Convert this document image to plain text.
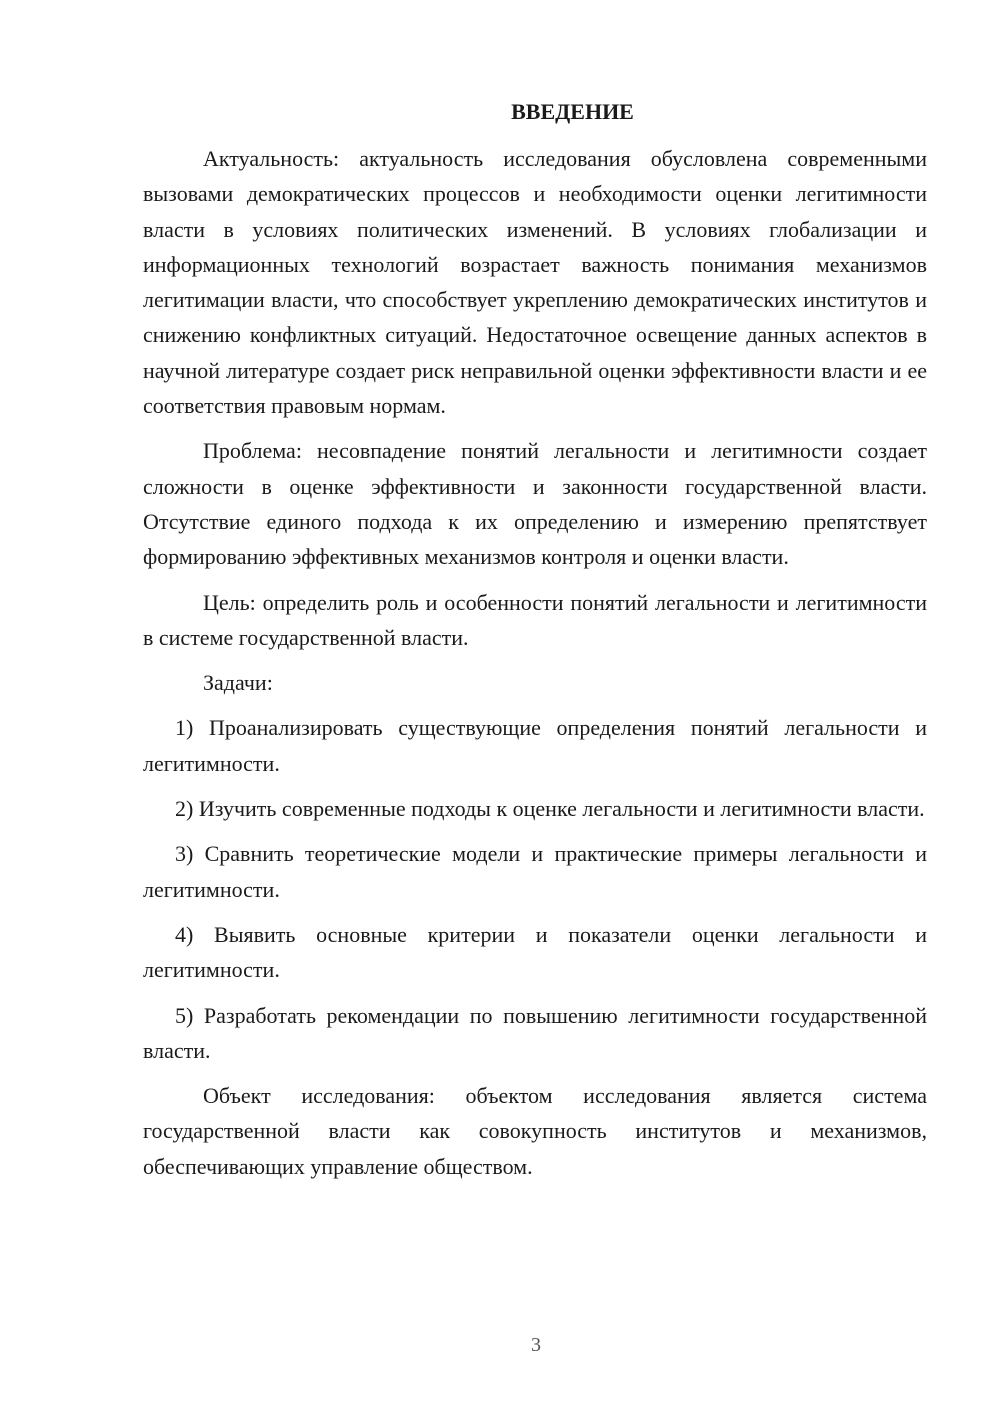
ВВЕДЕНИЕ

Актуальность: актуальность исследования обусловлена современными вызовами демократических процессов и необходимости оценки легитимности власти в условиях политических изменений. В условиях глобализации и информационных технологий возрастает важность понимания механизмов легитимации власти, что способствует укреплению демократических институтов и снижению конфликтных ситуаций. Недостаточное освещение данных аспектов в научной литературе создает риск неправильной оценки эффективности власти и ее соответствия правовым нормам.

Проблема: несовпадение понятий легальности и легитимности создает сложности в оценке эффективности и законности государственной власти. Отсутствие единого подхода к их определению и измерению препятствует формированию эффективных механизмов контроля и оценки власти.

Цель: определить роль и особенности понятий легальности и легитимности в системе государственной власти.

Задачи:

1) Проанализировать существующие определения понятий легальности и легитимности.

2) Изучить современные подходы к оценке легальности и легитимности власти.

3) Сравнить теоретические модели и практические примеры легальности и легитимности.

4) Выявить основные критерии и показатели оценки легальности и легитимности.

5) Разработать рекомендации по повышению легитимности государственной власти.

Объект исследования: объектом исследования является система государственной власти как совокупность институтов и механизмов, обеспечивающих управление обществом.

3
